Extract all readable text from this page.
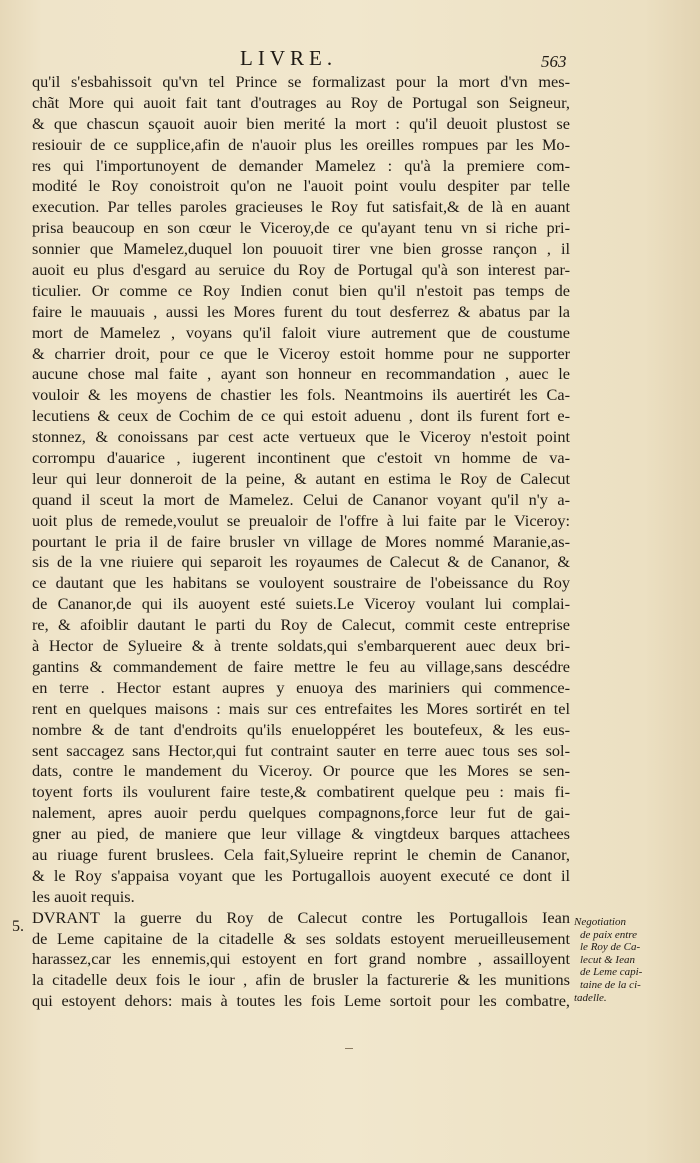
LIVRE.	563
qu'il s'esbahissoit qu'vn tel Prince se formalizast pour la mort d'vn mes-
chãt More qui auoit fait tant d'outrages au Roy de Portugal son Seigneur,
& que chascun sçauoit auoir bien merité la mort : qu'il deuoit plustost se
resiouir de ce supplice,afin de n'auoir plus les oreilles rompues par les Mo-
res qui l'importunoyent de demander Mamelez : qu'à la premiere com-
modité le Roy conoistroit qu'on ne l'auoit point voulu despiter par telle
execution. Par telles paroles gracieuses le Roy fut satisfait,& de là en auant
prisa beaucoup en son cœur le Viceroy,de ce qu'ayant tenu vn si riche pri-
sonnier que Mamelez,duquel lon pouuoit tirer vne bien grosse rançon , il
auoit eu plus d'esgard au seruice du Roy de Portugal qu'à son interest par-
ticulier. Or comme ce Roy Indien conut bien qu'il n'estoit pas temps de
faire le mauuais , aussi les Mores furent du tout desferrez & abatus par la
mort de Mamelez , voyans qu'il faloit viure autrement que de coustume
& charrier droit, pour ce que le Viceroy estoit homme pour ne supporter
aucune chose mal faite , ayant son honneur en recommandation , auec le
vouloir & les moyens de chastier les fols. Neantmoins ils auertirét les Ca-
lecutiens & ceux de Cochim de ce qui estoit aduenu , dont ils furent fort e-
stonnez, & conoissans par cest acte vertueux que le Viceroy n'estoit point
corrompu d'auarice , iugerent incontinent que c'estoit vn homme de va-
leur qui leur donneroit de la peine, & autant en estima le Roy de Calecut
quand il sceut la mort de Mamelez. Celui de Cananor voyant qu'il n'y a-
uoit plus de remede,voulut se preualoir de l'offre à lui faite par le Viceroy:
pourtant le pria il de faire brusler vn village de Mores nommé Maranie,as-
sis de la vne riuiere qui separoit les royaumes de Calecut & de Cananor, &
ce dautant que les habitans se vouloyent soustraire de l'obeissance du Roy
de Cananor,de qui ils auoyent esté suiets.Le Viceroy voulant lui complai-
re, & afoiblir dautant le parti du Roy de Calecut, commit ceste entreprise
à Hector de Sylueire & à trente soldats,qui s'embarquerent auec deux bri-
gantins & commandement de faire mettre le feu au village,sans descédre
en terre . Hector estant aupres y enuoya des mariniers qui commence-
rent en quelques maisons : mais sur ces entrefaites les Mores sortirét en tel
nombre & de tant d'endroits qu'ils enueloppéret les boutefeux, & les eus-
sent saccagez sans Hector,qui fut contraint sauter en terre auec tous ses sol-
dats, contre le mandement du Viceroy. Or pource que les Mores se sen-
toyent forts ils voulurent faire teste,& combatirent quelque peu : mais fi-
nalement, apres auoir perdu quelques compagnons,force leur fut de gai-
gner au pied, de maniere que leur village & vingtdeux barques attachees
au riuage furent bruslees. Cela fait,Sylueire reprint le chemin de Cananor,
& le Roy s'appaisa voyant que les Portugallois auoyent executé ce dont il
les auoit requis.
DVRANT la guerre du Roy de Calecut contre les Portugallois Iean
de Leme capitaine de la citadelle & ses soldats estoyent merueilleusement
harassez,car les ennemis,qui estoyent en fort grand nombre , assailloyent
la citadelle deux fois le iour , afin de brusler la facturerie & les munitions
qui estoyent dehors: mais à toutes les fois Leme sortoit pour les combatre,
5.	Negotiation
de paix entre
le Roy de Ca-
lecut & Iean
de Leme capi-
taine de la ci-
tadelle.
